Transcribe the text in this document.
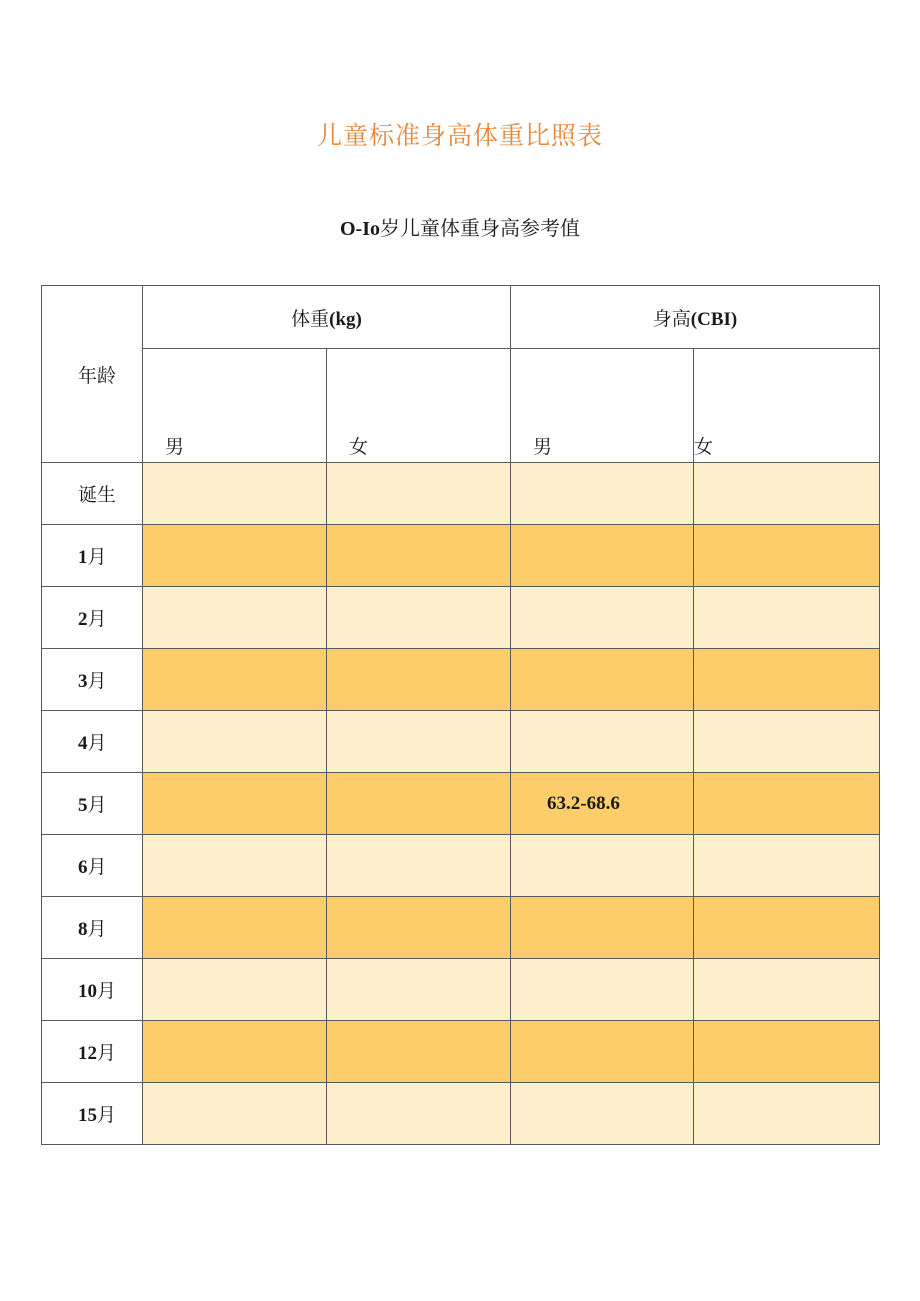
儿童标准身高体重比照表
O-Io岁儿童体重身高参考值
年龄	体重(kg)		身高(CBI)	
	男	女	男	女
诞生				
1月				
2月				
3月				
4月				
5月			63.2-68.6	
6月				
8月				
10月				
12月				
15月				
